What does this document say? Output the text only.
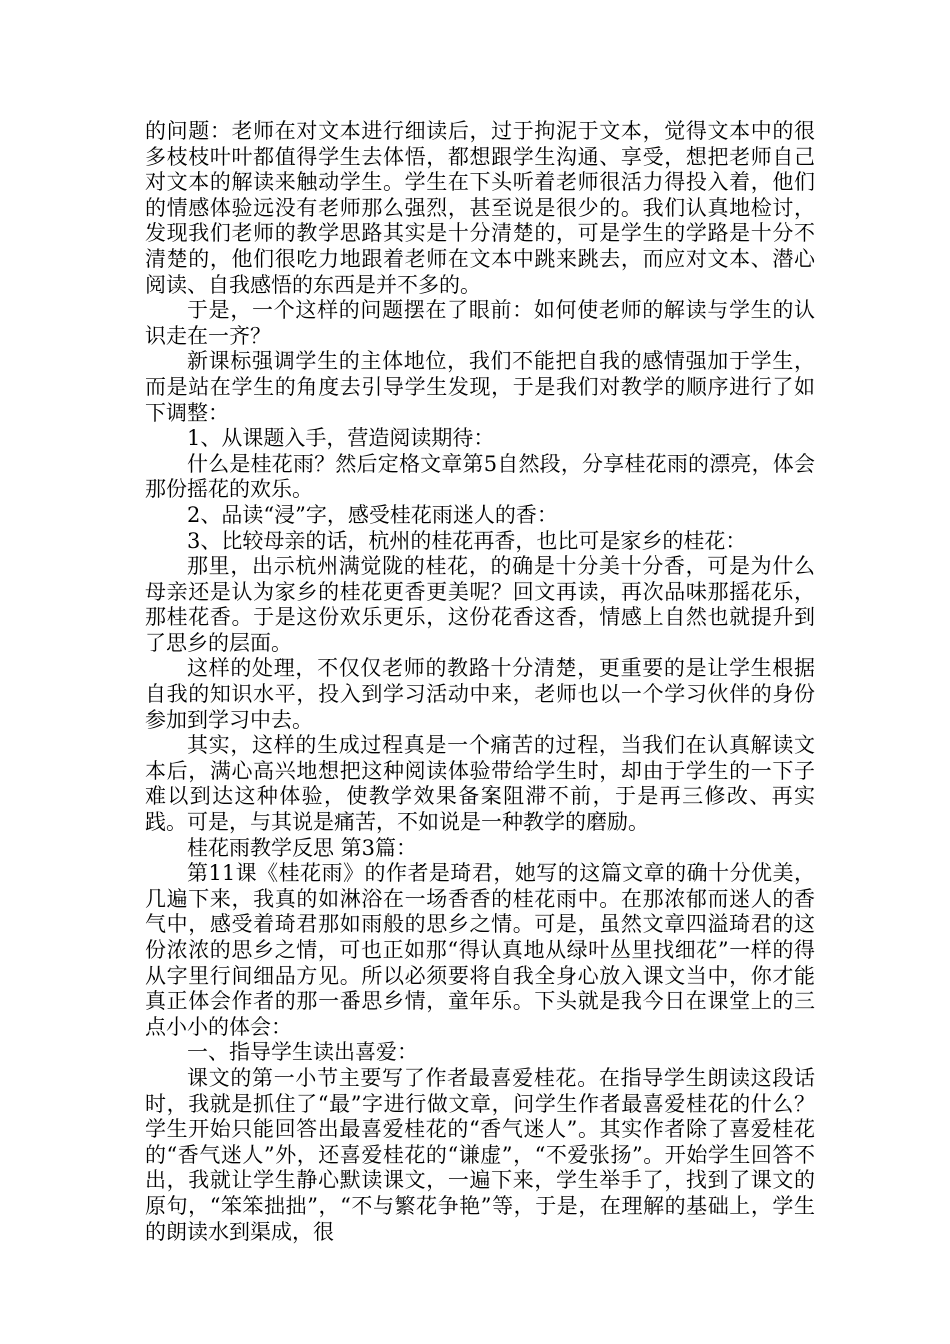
的问题：老师在对文本进行细读后，过于拘泥于文本，觉得文本中的很多枝枝叶叶都值得学生去体悟，都想跟学生沟通、享受，想把老师自己对文本的解读来触动学生。学生在下头听着老师很活力得投入着，他们的情感体验远没有老师那么强烈，甚至说是很少的。我们认真地检讨，发现我们老师的教学思路其实是十分清楚的，可是学生的学路是十分不清楚的，他们很吃力地跟着老师在文本中跳来跳去，而应对文本、潜心阅读、自我感悟的东西是并不多的。

于是，一个这样的问题摆在了眼前：如何使老师的解读与学生的认识走在一齐？

新课标强调学生的主体地位，我们不能把自我的感情强加于学生，而是站在学生的角度去引导学生发现，于是我们对教学的顺序进行了如下调整：

1、从课题入手，营造阅读期待：

什么是桂花雨？然后定格文章第5自然段，分享桂花雨的漂亮，体会那份摇花的欢乐。

2、品读“浸”字，感受桂花雨迷人的香：

3、比较母亲的话，杭州的桂花再香，也比可是家乡的桂花：

那里，出示杭州满觉陇的桂花，的确是十分美十分香，可是为什么母亲还是认为家乡的桂花更香更美呢？回文再读，再次品味那摇花乐，那桂花香。于是这份欢乐更乐，这份花香这香，情感上自然也就提升到了思乡的层面。

这样的处理，不仅仅老师的教路十分清楚，更重要的是让学生根据自我的知识水平，投入到学习活动中来，老师也以一个学习伙伴的身份参加到学习中去。

其实，这样的生成过程真是一个痛苦的过程，当我们在认真解读文本后，满心高兴地想把这种阅读体验带给学生时，却由于学生的一下子难以到达这种体验，使教学效果备案阻滞不前，于是再三修改、再实践。可是，与其说是痛苦，不如说是一种教学的磨励。

桂花雨教学反思 第3篇：

第11课《桂花雨》的作者是琦君，她写的这篇文章的确十分优美，几遍下来，我真的如淋浴在一场香香的桂花雨中。在那浓郁而迷人的香气中，感受着琦君那如雨般的思乡之情。可是，虽然文章四溢琦君的这份浓浓的思乡之情，可也正如那“得认真地从绿叶丛里找细花”一样的得从字里行间细品方见。所以必须要将自我全身心放入课文当中，你才能真正体会作者的那一番思乡情，童年乐。下头就是我今日在课堂上的三点小小的体会：

一、指导学生读出喜爱：

课文的第一小节主要写了作者最喜爱桂花。在指导学生朗读这段话时，我就是抓住了“最”字进行做文章，问学生作者最喜爱桂花的什么？学生开始只能回答出最喜爱桂花的“香气迷人”。其实作者除了喜爱桂花的“香气迷人”外，还喜爱桂花的“谦虚”，“不爱张扬”。开始学生回答不出，我就让学生静心默读课文，一遍下来，学生举手了，找到了课文的原句，“笨笨拙拙”，“不与繁花争艳”等，于是，在理解的基础上，学生的朗读水到渠成，很
